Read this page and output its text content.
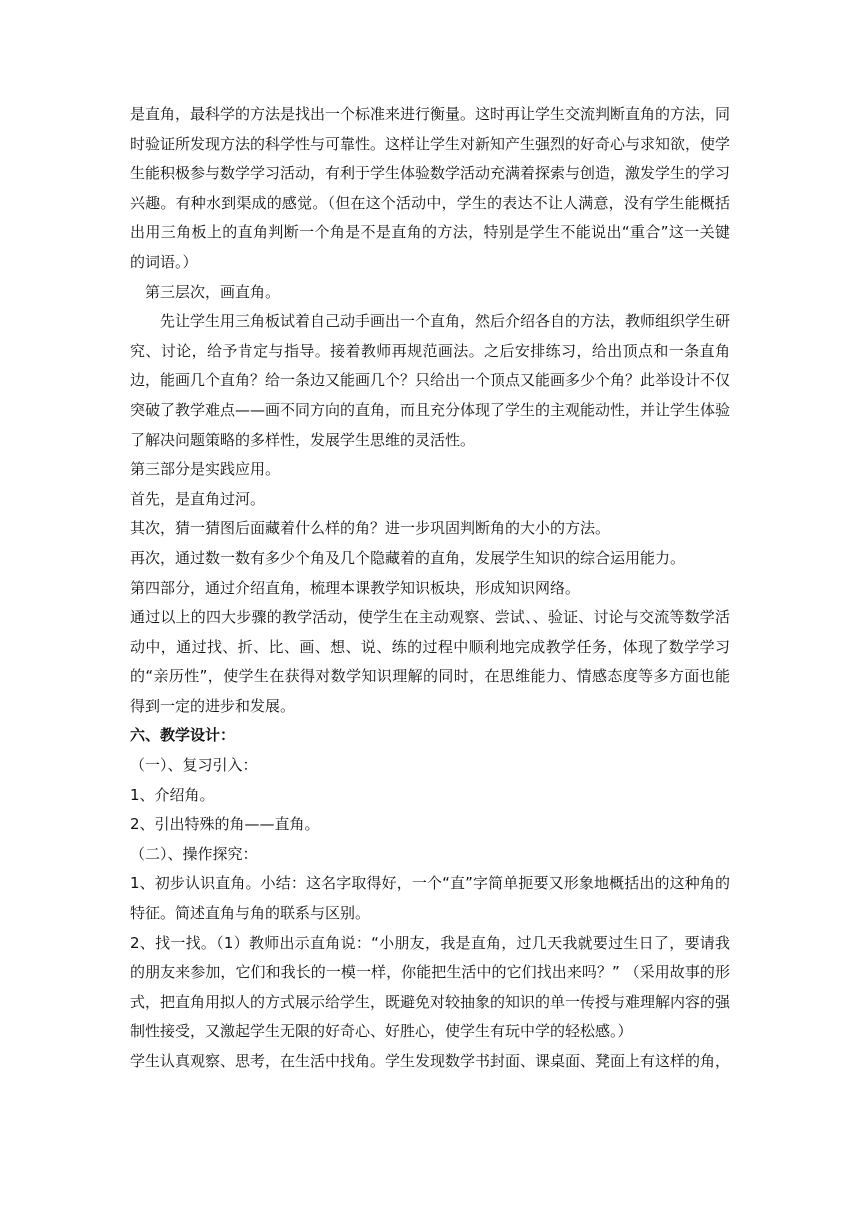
是直角，最科学的方法是找出一个标准来进行衡量。这时再让学生交流判断直角的方法，同时验证所发现方法的科学性与可靠性。这样让学生对新知产生强烈的好奇心与求知欲，使学生能积极参与数学学习活动，有利于学生体验数学活动充满着探索与创造，激发学生的学习兴趣。有种水到渠成的感觉。（但在这个活动中，学生的表达不让人满意，没有学生能概括出用三角板上的直角判断一个角是不是直角的方法，特别是学生不能说出“重合”这一关键的词语。）

第三层次，画直角。

先让学生用三角板试着自己动手画出一个直角，然后介绍各自的方法，教师组织学生研究、讨论，给予肯定与指导。接着教师再规范画法。之后安排练习，给出顶点和一条直角边，能画几个直角？给一条边又能画几个？只给出一个顶点又能画多少个角？此举设计不仅突破了教学难点——画不同方向的直角，而且充分体现了学生的主观能动性，并让学生体验了解决问题策略的多样性，发展学生思维的灵活性。

第三部分是实践应用。

首先，是直角过河。

其次，猜一猜图后面藏着什么样的角？进一步巩固判断角的大小的方法。

再次，通过数一数有多少个角及几个隐藏着的直角，发展学生知识的综合运用能力。

第四部分，通过介绍直角，梳理本课教学知识板块，形成知识网络。

通过以上的四大步骤的教学活动，使学生在主动观察、尝试、、验证、讨论与交流等数学活动中，通过找、折、比、画、想、说、练的过程中顺利地完成教学任务，体现了数学学习的“亲历性”，使学生在获得对数学知识理解的同时，在思维能力、情感态度等多方面也能得到一定的进步和发展。

六、教学设计：

（一）、复习引入：

1、介绍角。

2、引出特殊的角——直角。

（二）、操作探究：

1、初步认识直角。小结：这名字取得好，一个“直”字简单扼要又形象地概括出的这种角的特征。简述直角与角的联系与区别。

2、找一找。（1）教师出示直角说：“小朋友，我是直角，过几天我就要过生日了，要请我的朋友来参加，它们和我长的一模一样，你能把生活中的它们找出来吗？” （采用故事的形式，把直角用拟人的方式展示给学生，既避免对较抽象的知识的单一传授与难理解内容的强制性接受，又激起学生无限的好奇心、好胜心，使学生有玩中学的轻松感。）

学生认真观察、思考，在生活中找角。学生发现数学书封面、课桌面、凳面上有这样的角，
